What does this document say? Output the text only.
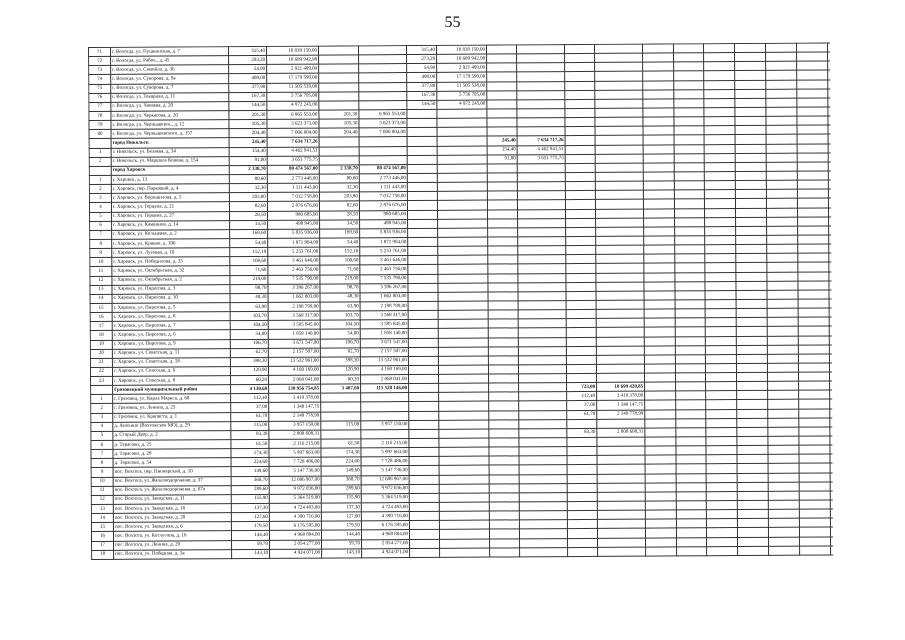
55
71	г. Вологда, ул. Пушкинская, д. 7	315,40	10 839 150,00			315,40	10 839 150,00											
72	г. Вологда, ул. Рабоч., д. 45	293,20	10 689 942,98			273,29	10 689 942,98											
73	г. Вологда, ул. Самойло, д. 36	54,90	2 921 409,00			54,90	2 921 409,00											
74	г. Вологда, ул. Суворова, д. 9а	499,00	17 179 590,00			499,00	17 179 590,00											
75	г. Вологда, ул. Суворова, д. 7	377,90	11 505 539,00			377,80	11 505 538,00											
76	г. Вологда, ул. Текарная, д. 11	167,30	5 756 795,00			167,30	5 756 795,00											
77	г. Вологда, ул. Чапаева, д. 20	144,50	4 972 245,00			144,50	4 972 245,00											
78	г. Вологда, ул. Черкасова, д. 20	201,30	6 965 553,00	201,30	6 965 553,00													
79	г. Вологда, ул. Чернышевск., д. 12	105,30	3 623 373,00	105,30	3 623 373,00													
80	г. Вологда, ул. Чернышевского, д. 157	204,40	7 006 004,00	204,40	7 006 004,00													
	город Никольск	245,40	7 634 717,26					245,40	7 634 717,26									
1	г. Никольск, ул. Беляева, д. 34	154,40	4 462 941,51					154,40	4 462 941,51									
2	г. Никольск, ул. Маршала Конева, д. 154	91,00	3 651 775,75					91,00	3 651 775,75									
	город Харовск	2 338,70	80 474 567,00	2 338,70	80 474 567,00													
1	г. Харовск, д. 13	80,60	2 773 446,00	80,60	2 773 446,00													
2	г. Харовск, пер. Парковый, д. 4	32,30	1 111 443,00	32,30	1 111 443,00													
3	г. Харовск, ул. Ворошилова, д. 5	203,80	7 012 758,00	203,80	7 012 758,00													
4	г. Харовск, ул. Герцена, д. 21	82,60	2 876 676,00	82,60	2 876 676,00													
5	г. Харовск, ул. Герцена, д. 27	28,50	980 685,00	28,50	980 685,00													
6	г. Харовск, ул. Каманина, д. 14	14,50	498 945,00	14,50	498 945,00													
7	г. Харовск, ул. Кольцевая, д. 2	169,60	5 835 936,00	169,60	5 835 936,00													
8	г. Харовск, ул. Кривое, д. 106	54,40	1 871 904,00	54,40	1 871 904,00													
9	г. Харовск, ул. Луговая, д. 10	152,10	5 233 761,00	152,10	5 233 761,00													
10	г. Харовск, ул. Победилова, д. 35	100,60	3 461 646,00	100,60	3 461 646,00													
11	г. Харовск, ул. Октябрьская, д. 32	71,60	2 463 756,00	71,60	2 463 756,00													
12	г. Харовск, ул. Октябрьская, д. 2	219,00	7 535 790,00	219,00	7 535 790,00													
13	г. Харовск, ул. Пирогова, д. 3	98,70	3 396 267,00	98,70	3 396 267,00													
14	г. Харовск, ул. Пирогова, д. 10	48,30	1 662 003,00	48,30	1 662 003,00													
15	г. Харовск, ул. Пирогова, д. 5	63,90	2 198 799,00	63,90	2 198 799,00													
16	г. Харовск, ул. Пирогова, д. 8	103,70	3 568 317,00	103,70	3 568 317,00													
17	г. Харовск, ул. Пирогова, д. 7	104,50	3 595 845,00	104,50	3 595 845,00													
18	г. Харовск, ул. Пирогова, д. 6	54,00	1 858 140,00	54,00	1 858 140,00													
19	г. Харовск, ул. Пирогова, д. 9	106,70	3 671 547,00	106,70	3 671 547,00													
20	г. Харовск, ул. Советская, д. 11	62,70	2 157 507,00	62,70	2 157 507,00													
21	г. Харовск, ул. Советская, д. 18	398,30	13 532 961,00	398,30	13 532 961,00													
22	г. Харовск, ул. Спасская, д. 6	120,90	4 160 169,00	120,90	4 160 169,00													
23	г. Харовск, ул. Спасская, д. 8	60,20	2 068 041,00	60,20	2 068 041,00													
	Грязовецкий муниципальный район	4 130,60	138 956 754,85	3 407,60	115 528 146,00					723,00	10 699 420,85							
1	г. Грязовец, ул. Карла Маркса, д. 68	112,40	3 419 378,00							112,40	3 419 378,00							
2	г. Грязовец, ул. Ленина, д. 25	37,00	1 340 147,75							37,00	1 340 147,75							
3	г. Грязовец, ул. Краписта, д. 1	61,70	2 149 778,99							61,70	2 149 778,99							
4	д. Анохино (Вохтожское МО), д. 29	115,00	3 957 150,00	115,00	3 957 150,00													
5	д. Старый Двор, д. 2	83,30	2 808 608,31							83,30	2 808 608,31							
6	д. Тарасово, д. 25	61,50	2 116 215,00	61,50	2 116 215,00													
7	д. Тарасово, д. 28	174,30	5 997 663,00	174,30	5 997 663,00													
8	д. Тарасово, д. 54	224,60	7 728 486,00	224,60	7 728 486,00													
9	пос. Вохтога, пер. Пионерский, д. 10	149,60	5 147 736,00	149,60	5 147 736,00													
10	пос. Вохтога, ул. Железнодорожная, д. 37	368,70	12 686 967,00	368,70	12 686 967,00													
11	пос. Вохтога, ул. Железнодорожная, д. 67а	289,60	9 972 036,00	289,60	9 972 036,00													
12	пос. Вохтога, ул. Заводская, д. 11	155,90	5 364 519,00	155,90	5 364 519,00													
13	пос. Вохтога, ул. Заводская, д. 16	137,30	4 724 493,00	137,30	4 724 493,00													
14	пос. Вохтога, ул. Заводская, д. 20	127,60	4 390 716,00	127,60	4 390 716,00													
15	пос. Вохтога, ул. Заводская, д. 6	179,50	6 176 595,00	179,50	6 176 595,00													
16	пос. Вохтога, ул. Котлугина, д. 16	144,40	4 968 804,00	144,40	4 968 804,00													
17	пос. Вохтога, ул. Ленина, д. 29	59,70	2 054 277,00	59,70	2 054 277,00													
18	пос. Вохтога, ул. Победная, д. 3а	143,10	4 924 071,00	143,10	4 924 071,00													
